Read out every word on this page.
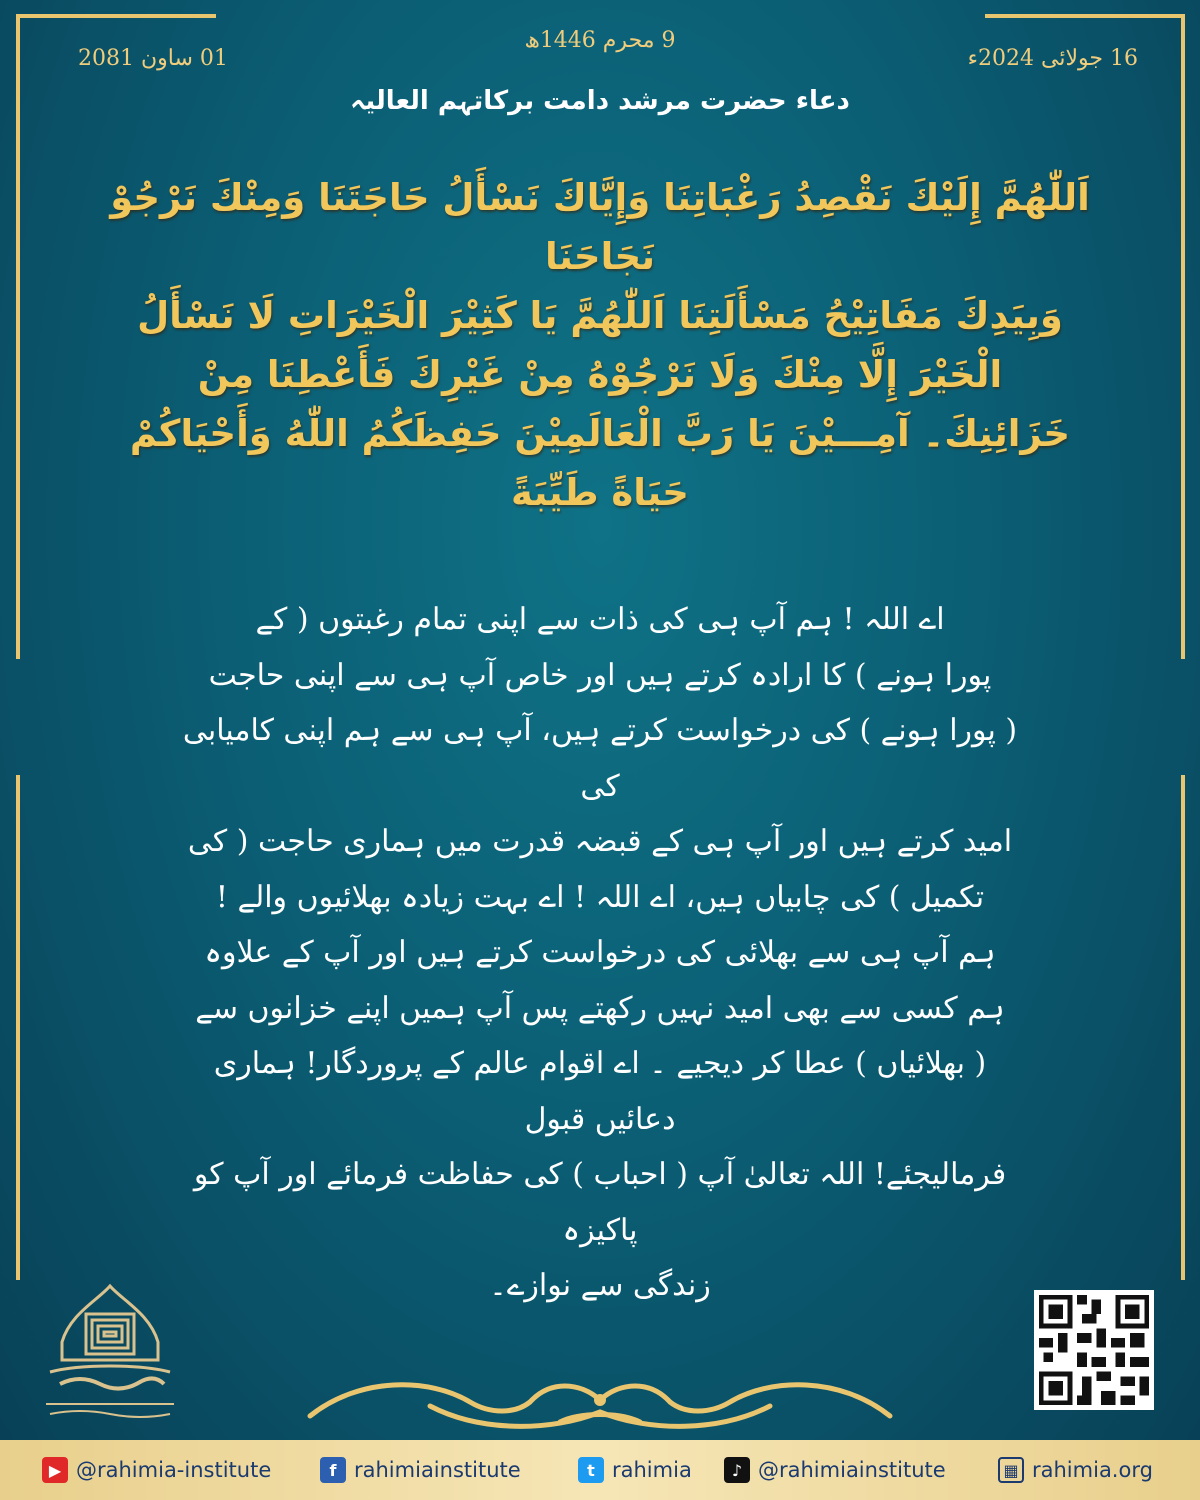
16 جولائی 2024ء
9 محرم 1446ھ
01 ساون 2081
دعاء حضرت مرشد دامت برکاتہم العالیہ
اَللّٰهُمَّ إِلَيْكَ نَقْصِدُ رَغْبَاتِنَا وَإِيَّاكَ نَسْأَلُ حَاجَتَنَا وَمِنْكَ نَرْجُوْ نَجَاحَنَا
وَبِيَدِكَ مَفَاتِيْحُ مَسْأَلَتِنَا اَللّٰهُمَّ يَا كَثِيْرَ الْخَيْرَاتِ لَا نَسْأَلُ
الْخَيْرَ إِلَّا مِنْكَ وَلَا نَرْجُوْهُ مِنْ غَيْرِكَ فَأَعْطِنَا مِنْ
خَزَائِنِكَ۔ آمِـــيْنَ يَا رَبَّ الْعَالَمِيْنَ حَفِظَكُمُ اللّٰهُ وَأَحْيَاكُمْ
حَيَاةً طَيِّبَةً
اے اللہ ! ہم آپ ہی کی ذات سے اپنی تمام رغبتوں ( کے
پورا ہونے ) کا ارادہ کرتے ہیں اور خاص آپ ہی سے اپنی حاجت
( پورا ہونے ) کی درخواست کرتے ہیں، آپ ہی سے ہم اپنی کامیابی کی
امید کرتے ہیں اور آپ ہی کے قبضہ قدرت میں ہماری حاجت ( کی
تکمیل ) کی چابیاں ہیں، اے اللہ ! اے بہت زیادہ بھلائیوں والے !
ہم آپ ہی سے بھلائی کی درخواست کرتے ہیں اور آپ کے علاوہ
ہم کسی سے بھی امید نہیں رکھتے پس آپ ہمیں اپنے خزانوں سے
( بھلائیاں ) عطا کر دیجیے ۔ اے اقوام عالم کے پروردگار! ہماری دعائیں قبول
فرمالیجئے! اللہ تعالیٰ آپ ( احباب ) کی حفاظت فرمائے اور آپ کو پاکیزہ
زندگی سے نوازے۔
▶ @rahimia-institute	f rahimiainstitute	t rahimia	♪ @rahimiainstitute	▦ rahimia.org
